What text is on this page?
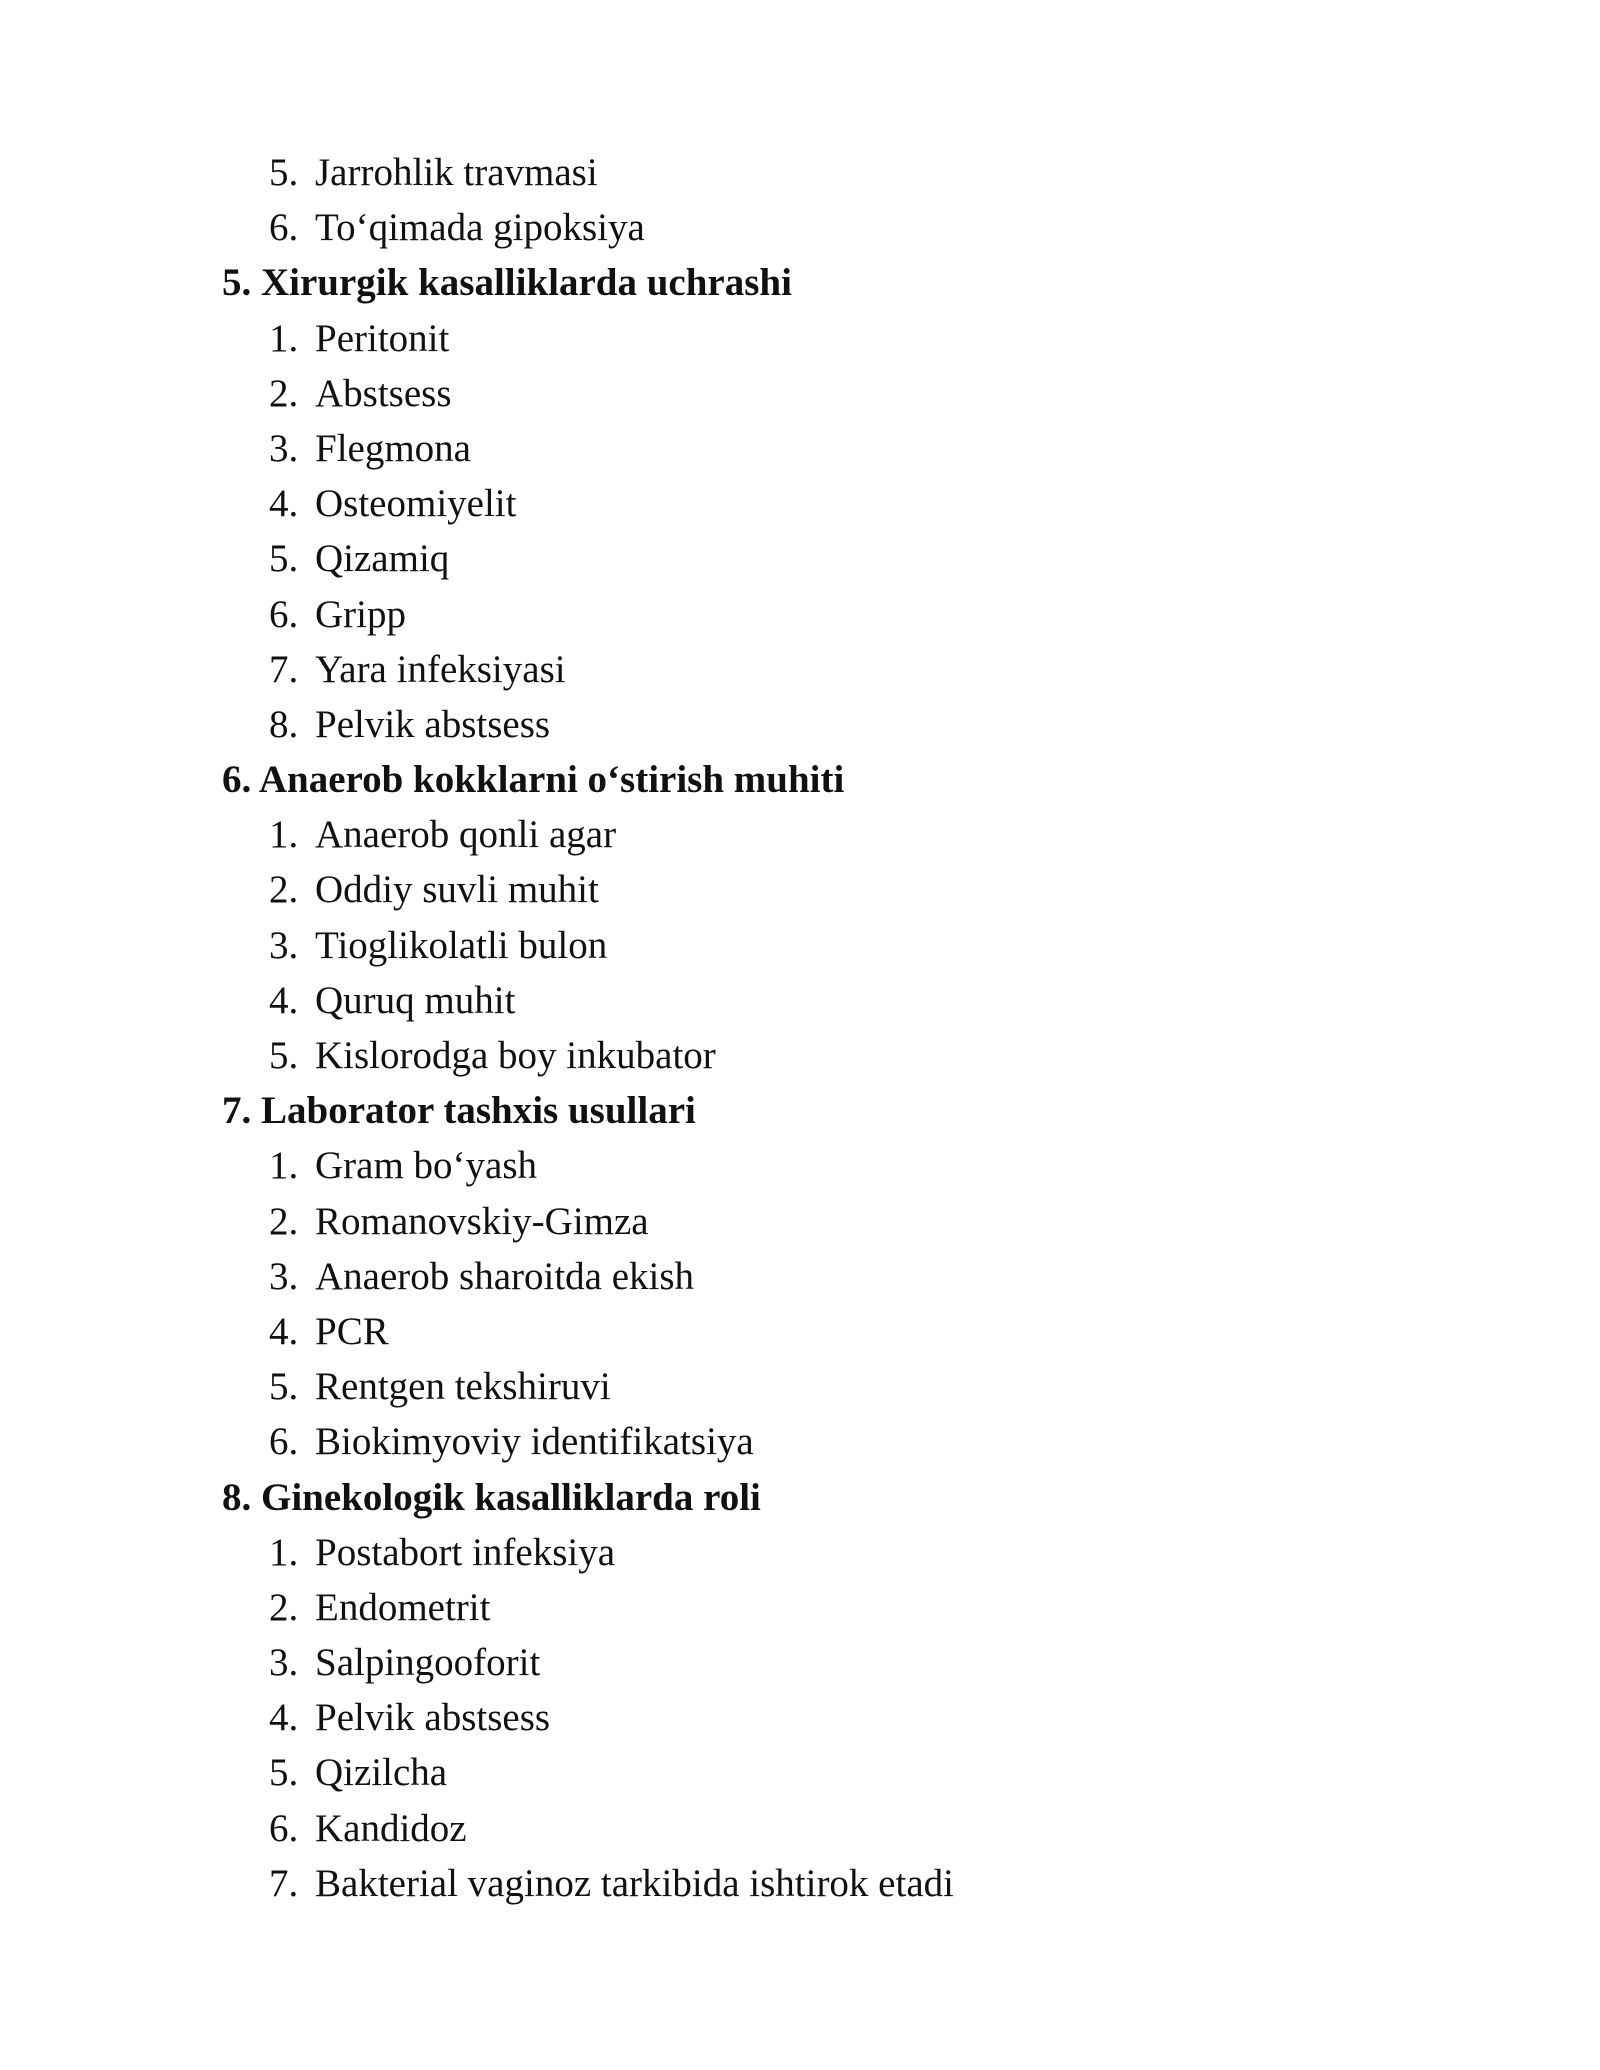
5. Jarrohlik travmasi
6. To‘qimada gipoksiya
5. Xirurgik kasalliklarda uchrashi
1. Peritonit
2. Abstsess
3. Flegmona
4. Osteomiyelit
5. Qizamiq
6. Gripp
7. Yara infeksiyasi
8. Pelvik abstsess
6. Anaerob kokklarni o‘stirish muhiti
1. Anaerob qonli agar
2. Oddiy suvli muhit
3. Tioglikolatli bulon
4. Quruq muhit
5. Kislorodga boy inkubator
7. Laborator tashxis usullari
1. Gram bo‘yash
2. Romanovskiy-Gimza
3. Anaerob sharoitda ekish
4. PCR
5. Rentgen tekshiruvi
6. Biokimyoviy identifikatsiya
8. Ginekologik kasalliklarda roli
1. Postabort infeksiya
2. Endometrit
3. Salpingooforit
4. Pelvik abstsess
5. Qizilcha
6. Kandidoz
7. Bakterial vaginoz tarkibida ishtirok etadi
